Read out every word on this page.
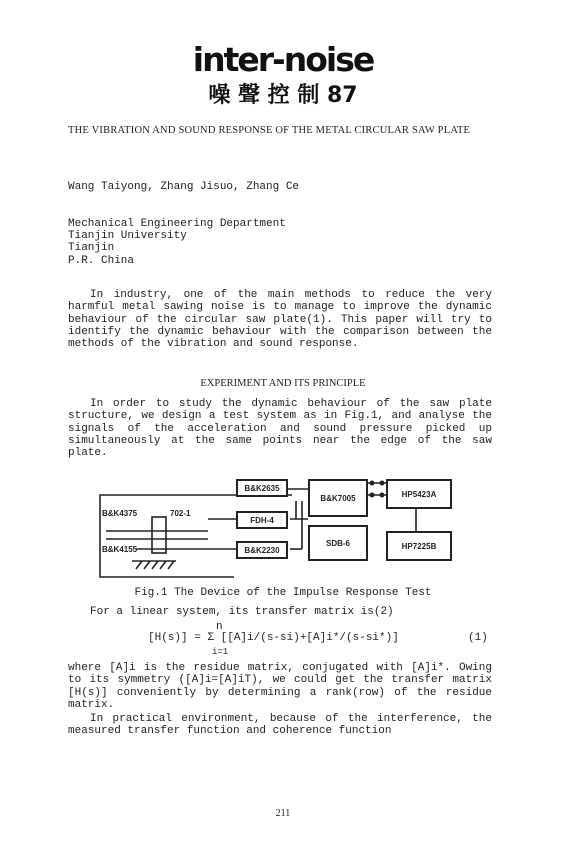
inter-noise
噪 聲 控 制 87
THE VIBRATION AND SOUND RESPONSE OF THE METAL CIRCULAR SAW PLATE
Wang Taiyong, Zhang Jisuo, Zhang Ce
Mechanical Engineering Department
Tianjin University
Tianjin
P.R. China
In industry, one of the main methods to reduce the very harmful metal sawing noise is to manage to improve the dynamic behaviour of the circular saw plate(1). This paper will try to identify the dynamic behaviour with the comparison between the methods of the vibration and sound response.
EXPERIMENT AND ITS PRINCIPLE
In order to study the dynamic behaviour of the saw plate structure, we design a test system as in Fig.1, and analyse the signals of the acceleration and sound pressure picked up simultaneously at the same points near the edge of the saw plate.
B&K2635
B&K7005	HP5423A
B&K4375	702-1
FDH-4
SDB-6	HP7225B
B&K4155	B&K2230
Fig.1 The Device of the Impulse Response Test
For a linear system, its transfer matrix is(2)
n
[H(s)] = Σ [[A]i/(s-si)+[A]i*/(s-si*)]
i=1
(1)
where [A]i is the residue matrix, conjugated with [A]i*. Owing to its symmetry ([A]i=[A]iT), we could get the transfer matrix [H(s)] conveniently by determining a rank(row) of the residue matrix.
In practical environment, because of the interference, the measured transfer function and coherence function
211
